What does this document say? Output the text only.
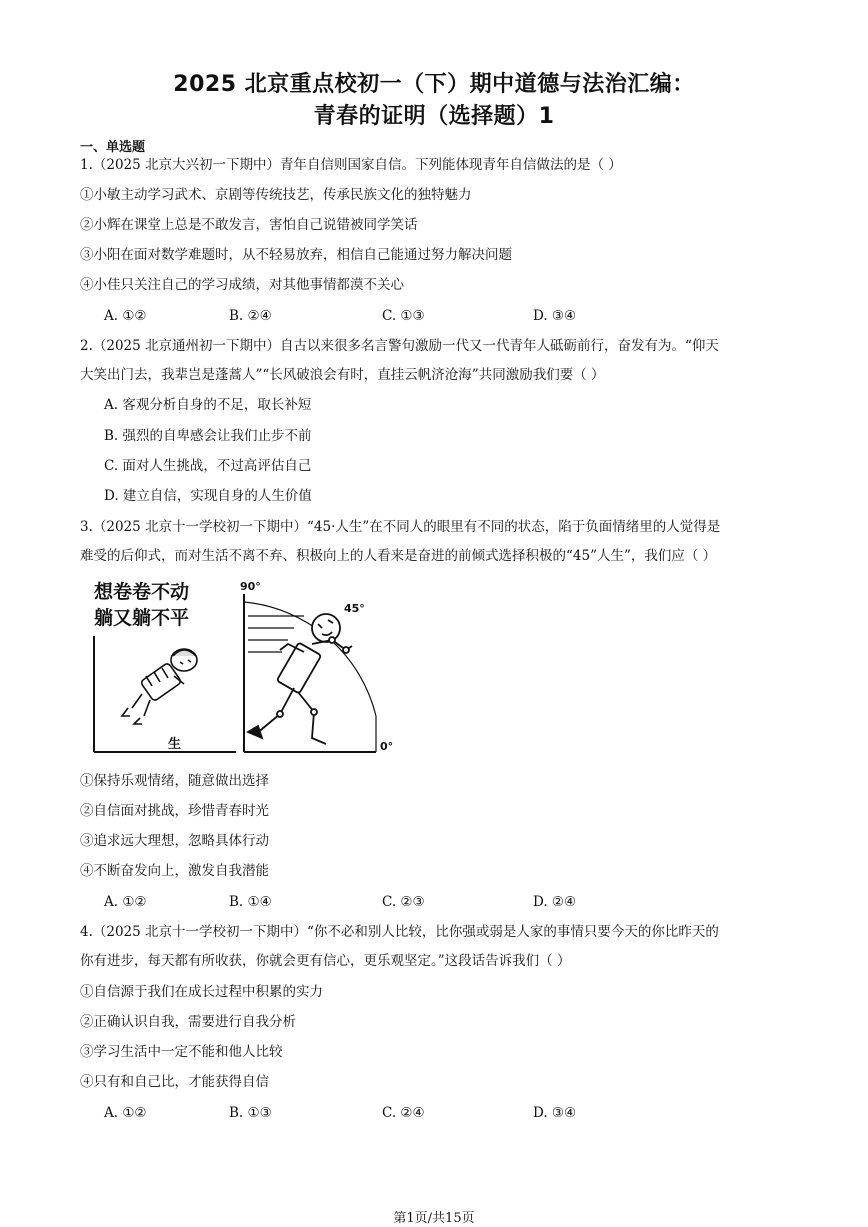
2025 北京重点校初一（下）期中道德与法治汇编：
青春的证明（选择题）1
一、单选题
1.（2025 北京大兴初一下期中）青年自信则国家自信。下列能体现青年自信做法的是（ ）
①小敏主动学习武术、京剧等传统技艺，传承民族文化的独特魅力
②小辉在课堂上总是不敢发言，害怕自己说错被同学笑话
③小阳在面对数学难题时，从不轻易放弃，相信自己能通过努力解决问题
④小佳只关注自己的学习成绩，对其他事情都漠不关心
A. ①②	B. ②④	C. ①③	D. ③④
2.（2025 北京通州初一下期中）自古以来很多名言警句激励一代又一代青年人砥砺前行，奋发有为。“仰天
大笑出门去，我辈岂是蓬蒿人”“长风破浪会有时，直挂云帆济沧海”共同激励我们要（ ）
A. 客观分析自身的不足，取长补短
B. 强烈的自卑感会让我们止步不前
C. 面对人生挑战，不过高评估自己
D. 建立自信，实现自身的人生价值
3.（2025 北京十一学校初一下期中）“45·人生”在不同人的眼里有不同的状态，陷于负面情绪里的人觉得是
难受的后仰式，而对生活不离不弃、积极向上的人看来是奋进的前倾式选择积极的“45”人生”，我们应（ ）
想卷卷不动
躺又躺不平
生
90°
45°
0°
①保持乐观情绪，随意做出选择
②自信面对挑战，珍惜青春时光
③追求远大理想，忽略具体行动
④不断奋发向上，激发自我潜能
A. ①②	B. ①④	C. ②③	D. ②④
4.（2025 北京十一学校初一下期中）“你不必和别人比较，比你强或弱是人家的事情只要今天的你比昨天的
你有进步，每天都有所收获，你就会更有信心，更乐观坚定。”这段话告诉我们（ ）
①自信源于我们在成长过程中积累的实力
②正确认识自我，需要进行自我分析
③学习生活中一定不能和他人比较
④只有和自己比，才能获得自信
A. ①②	B. ①③	C. ②④	D. ③④
第1页/共15页
